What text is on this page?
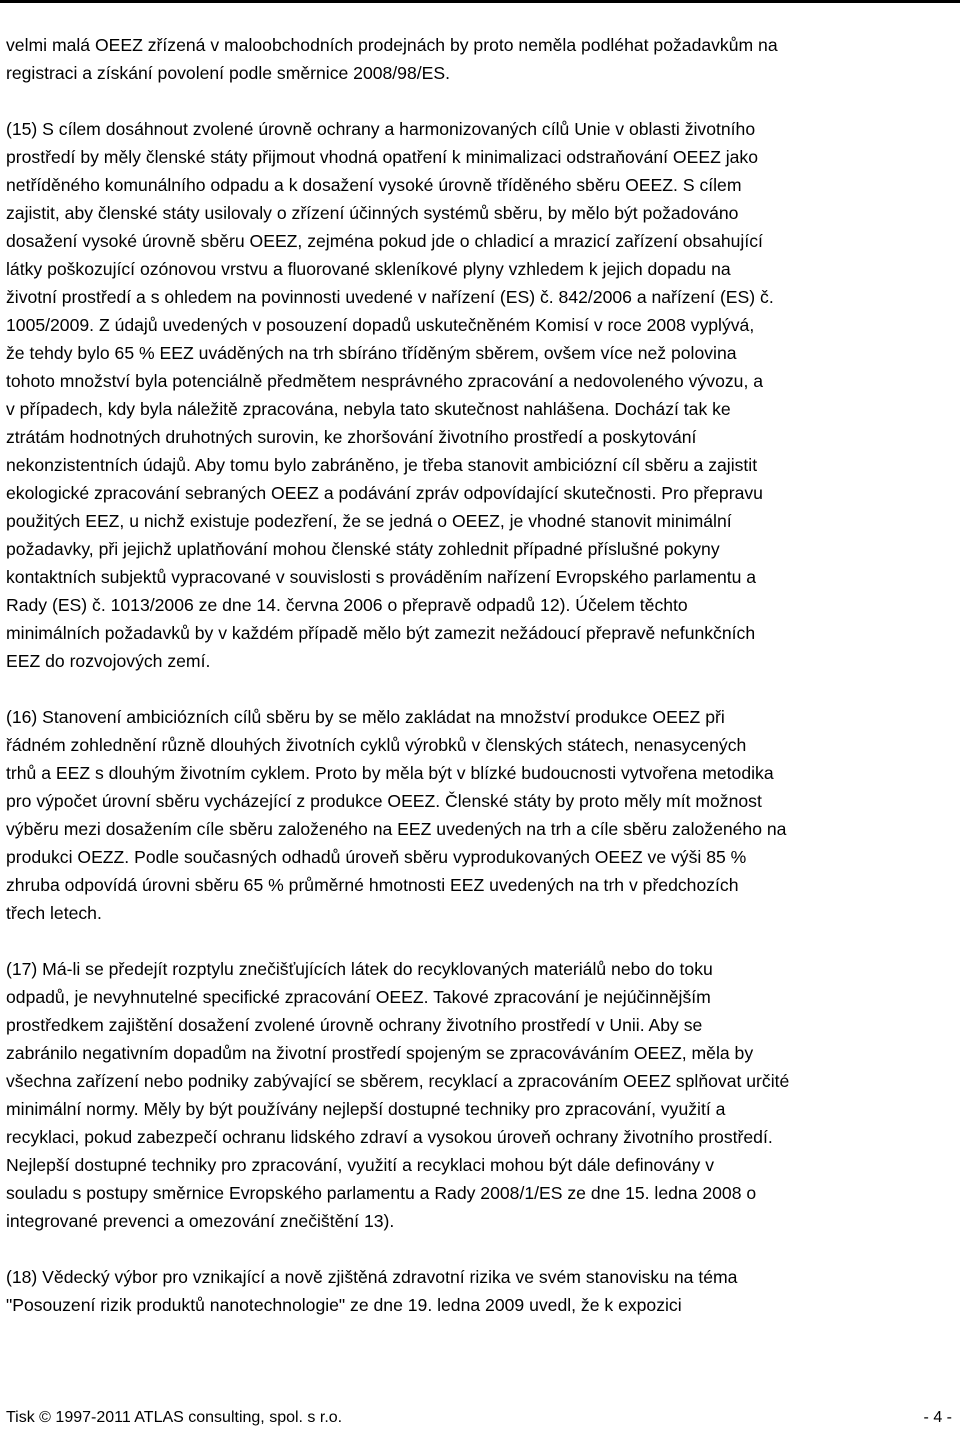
velmi malá OEEZ zřízená v maloobchodních prodejnách by proto neměla podléhat požadavkům na
registraci a získání povolení podle směrnice 2008/98/ES.
(15) S cílem dosáhnout zvolené úrovně ochrany a harmonizovaných cílů Unie v oblasti životního
prostředí by měly členské státy přijmout vhodná opatření k minimalizaci odstraňování OEEZ jako
netříděného komunálního odpadu a k dosažení vysoké úrovně tříděného sběru OEEZ. S cílem
zajistit, aby členské státy usilovaly o zřízení účinných systémů sběru, by mělo být požadováno
dosažení vysoké úrovně sběru OEEZ, zejména pokud jde o chladicí a mrazicí zařízení obsahující
látky poškozující ozónovou vrstvu a fluorované skleníkové plyny vzhledem k jejich dopadu na
životní prostředí a s ohledem na povinnosti uvedené v nařízení (ES) č. 842/2006 a nařízení (ES) č.
1005/2009. Z údajů uvedených v posouzení dopadů uskutečněném Komisí v roce 2008 vyplývá,
že tehdy bylo 65 % EEZ uváděných na trh sbíráno tříděným sběrem, ovšem více než polovina
tohoto množství byla potenciálně předmětem nesprávného zpracování a nedovoleného vývozu, a
v případech, kdy byla náležitě zpracována, nebyla tato skutečnost nahlášena. Dochází tak ke
ztrátám hodnotných druhotných surovin, ke zhoršování životního prostředí a poskytování
nekonzistentních údajů. Aby tomu bylo zabráněno, je třeba stanovit ambiciózní cíl sběru a zajistit
ekologické zpracování sebraných OEEZ a podávání zpráv odpovídající skutečnosti. Pro přepravu
použitých EEZ, u nichž existuje podezření, že se jedná o OEEZ, je vhodné stanovit minimální
požadavky, při jejichž uplatňování mohou členské státy zohlednit případné příslušné pokyny
kontaktních subjektů vypracované v souvislosti s prováděním nařízení Evropského parlamentu a
Rady (ES) č. 1013/2006 ze dne 14. června 2006 o přepravě odpadů 12). Účelem těchto
minimálních požadavků by v každém případě mělo být zamezit nežádoucí přepravě nefunkčních
EEZ do rozvojových zemí.
(16) Stanovení ambiciózních cílů sběru by se mělo zakládat na množství produkce OEEZ při
řádném zohlednění různě dlouhých životních cyklů výrobků v členských státech, nenasycených
trhů a EEZ s dlouhým životním cyklem. Proto by měla být v blízké budoucnosti vytvořena metodika
pro výpočet úrovní sběru vycházející z produkce OEEZ. Členské státy by proto měly mít možnost
výběru mezi dosažením cíle sběru založeného na EEZ uvedených na trh a cíle sběru založeného na
produkci OEZZ. Podle současných odhadů úroveň sběru vyprodukovaných OEEZ ve výši 85 %
zhruba odpovídá úrovni sběru 65 % průměrné hmotnosti EEZ uvedených na trh v předchozích
třech letech.
(17) Má-li se předejít rozptylu znečišťujících látek do recyklovaných materiálů nebo do toku
odpadů, je nevyhnutelné specifické zpracování OEEZ. Takové zpracování je nejúčinnějším
prostředkem zajištění dosažení zvolené úrovně ochrany životního prostředí v Unii. Aby se
zabránilo negativním dopadům na životní prostředí spojeným se zpracováváním OEEZ, měla by
všechna zařízení nebo podniky zabývající se sběrem, recyklací a zpracováním OEEZ splňovat určité
minimální normy. Měly by být používány nejlepší dostupné techniky pro zpracování, využití a
recyklaci, pokud zabezpečí ochranu lidského zdraví a vysokou úroveň ochrany životního prostředí.
Nejlepší dostupné techniky pro zpracování, využití a recyklaci mohou být dále definovány v
souladu s postupy směrnice Evropského parlamentu a Rady 2008/1/ES ze dne 15. ledna 2008 o
integrované prevenci a omezování znečištění 13).
(18) Vědecký výbor pro vznikající a nově zjištěná zdravotní rizika ve svém stanovisku na téma
"Posouzení rizik produktů nanotechnologie" ze dne 19. ledna 2009 uvedl, že k expozici
Tisk © 1997-2011 ATLAS consulting, spol. s r.o.	- 4 -
